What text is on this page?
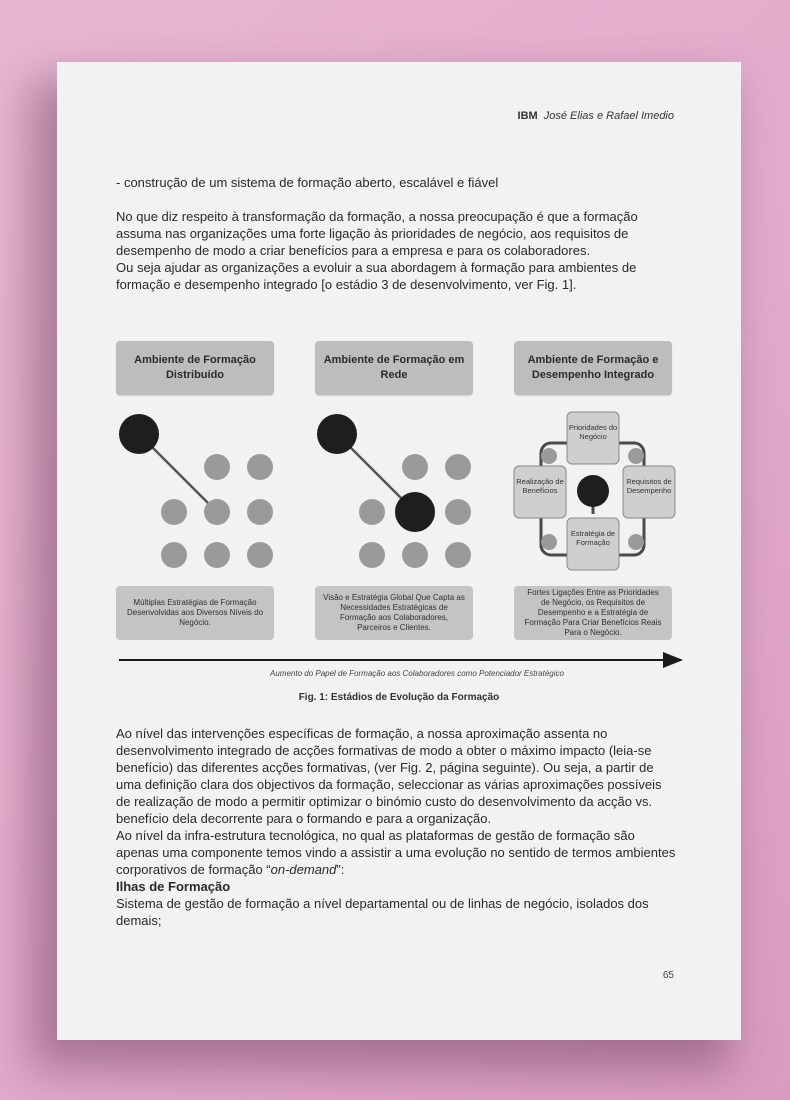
IBM José Elias e Rafael Imedio

- construção de um sistema de formação aberto, escalável e fiável

No que diz respeito à transformação da formação, a nossa preocupação é que a formação assuma nas organizações uma forte ligação às prioridades de negócio, aos requisitos de desempenho de modo a criar benefícios para a empresa e para os colaboradores.

Ou seja ajudar as organizações a evoluir a sua abordagem à formação para ambientes de formação e desempenho integrado [o estádio 3 de desenvolvimento, ver Fig. 1].

Ambiente de Formação Distribuído
Ambiente de Formação em Rede
Ambiente de Formação e Desempenho Integrado
Prioridades do Negócio
Realização de Benefícios
Requisitos de Desempenho
Estratégia de Formação
Múltiplas Estratégias de Formação Desenvolvidas aos Diversos Níveis do Negócio.
Visão e Estratégia Global Que Capta as Necessidades Estratégicas de Formação aos Colaboradores, Parceiros e Clientes.
Fortes Ligações Entre as Prioridades de Negócio, os Requisitos de Desempenho e a Estratégia de Formação Para Criar Benefícios Reais Para o Negócio.
Aumento do Papel de Formação aos Colaboradores como Potenciador Estratégico
Fig. 1: Estádios de Evolução da Formação

Ao nível das intervenções específicas de formação, a nossa aproximação assenta no desenvolvimento integrado de acções formativas de modo a obter o máximo impacto (leia-se benefício) das diferentes acções formativas, (ver Fig. 2, página seguinte). Ou seja, a partir de uma definição clara dos objectivos da formação, seleccionar as várias aproximações possíveis de realização de modo a permitir optimizar o binómio custo do desenvolvimento da acção vs. benefício dela decorrente para o formando e para a organização.

Ao nível da infra-estrutura tecnológica, no qual as plataformas de gestão de formação são apenas uma componente temos vindo a assistir a uma evolução no sentido de termos ambientes corporativos de formação “on-demand”:

Ilhas de Formação

Sistema de gestão de formação a nível departamental ou de linhas de negócio, isolados dos demais;

65
